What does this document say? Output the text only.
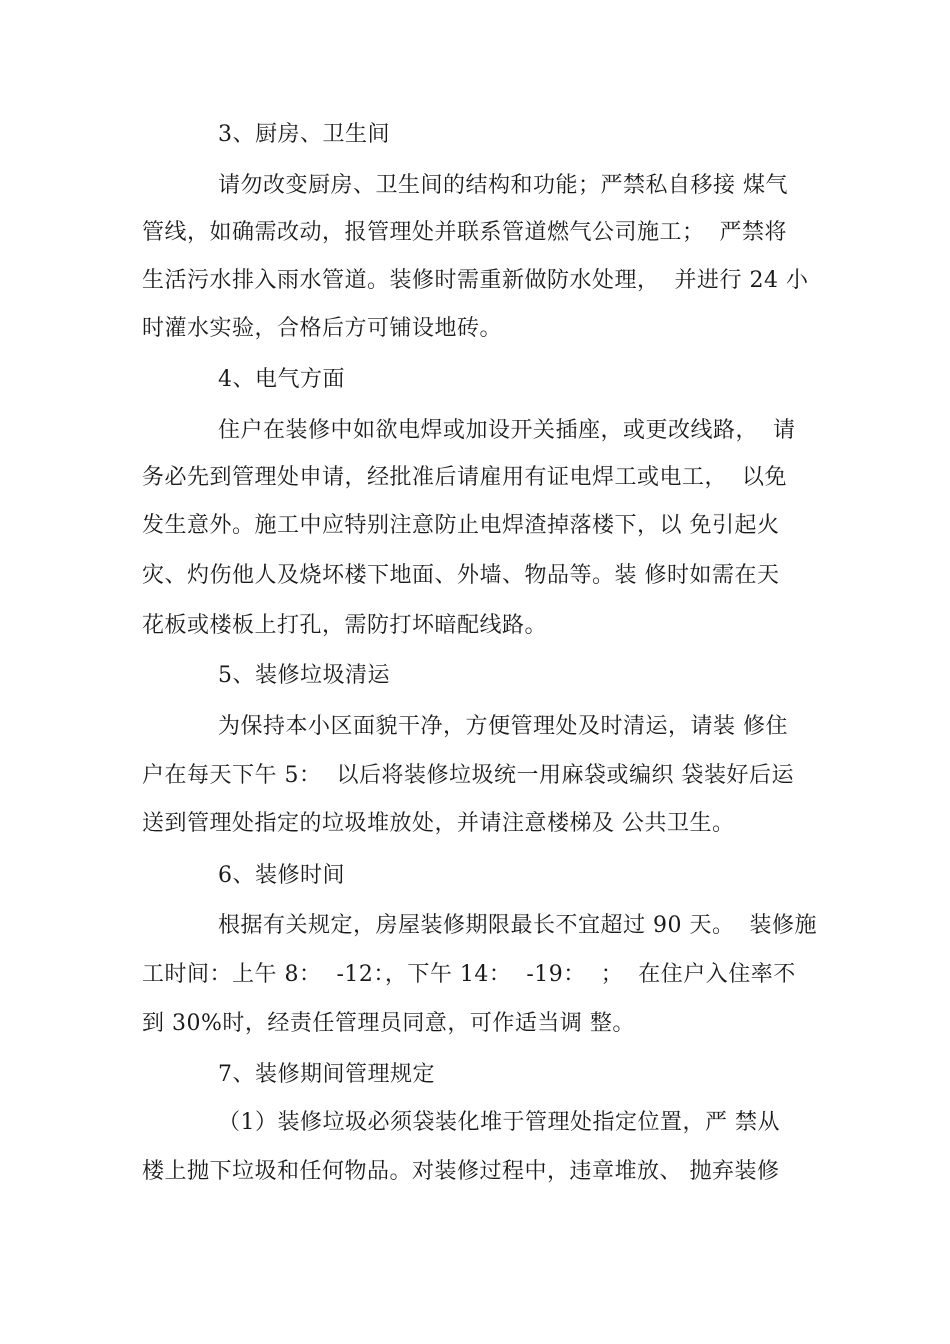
3、厨房、卫生间
请勿改变厨房、卫生间的结构和功能；严禁私自移接 煤气
管线，如确需改动，报管理处并联系管道燃气公司施工；  严禁将
生活污水排入雨水管道。装修时需重新做防水处理，  并进行 24 小
时灌水实验，合格后方可铺设地砖。
4、电气方面
住户在装修中如欲电焊或加设开关插座，或更改线路，  请
务必先到管理处申请，经批准后请雇用有证电焊工或电工，  以免
发生意外。施工中应特别注意防止电焊渣掉落楼下，以 免引起火
灾、灼伤他人及烧坏楼下地面、外墙、物品等。装 修时如需在天
花板或楼板上打孔，需防打坏暗配线路。
5、装修垃圾清运
为保持本小区面貌干净，方便管理处及时清运，请装 修住
户在每天下午 5：  以后将装修垃圾统一用麻袋或编织 袋装好后运
送到管理处指定的垃圾堆放处，并请注意楼梯及 公共卫生。
6、装修时间
根据有关规定，房屋装修期限最长不宜超过 90 天。  装修施
工时间：上午 8：  -12：，下午 14：  -19：  ；  在住户入住率不
到 30%时，经责任管理员同意，可作适当调 整。
7、装修期间管理规定
（1）装修垃圾必须袋装化堆于管理处指定位置，严 禁从
楼上抛下垃圾和任何物品。对装修过程中，违章堆放、 抛弃装修
